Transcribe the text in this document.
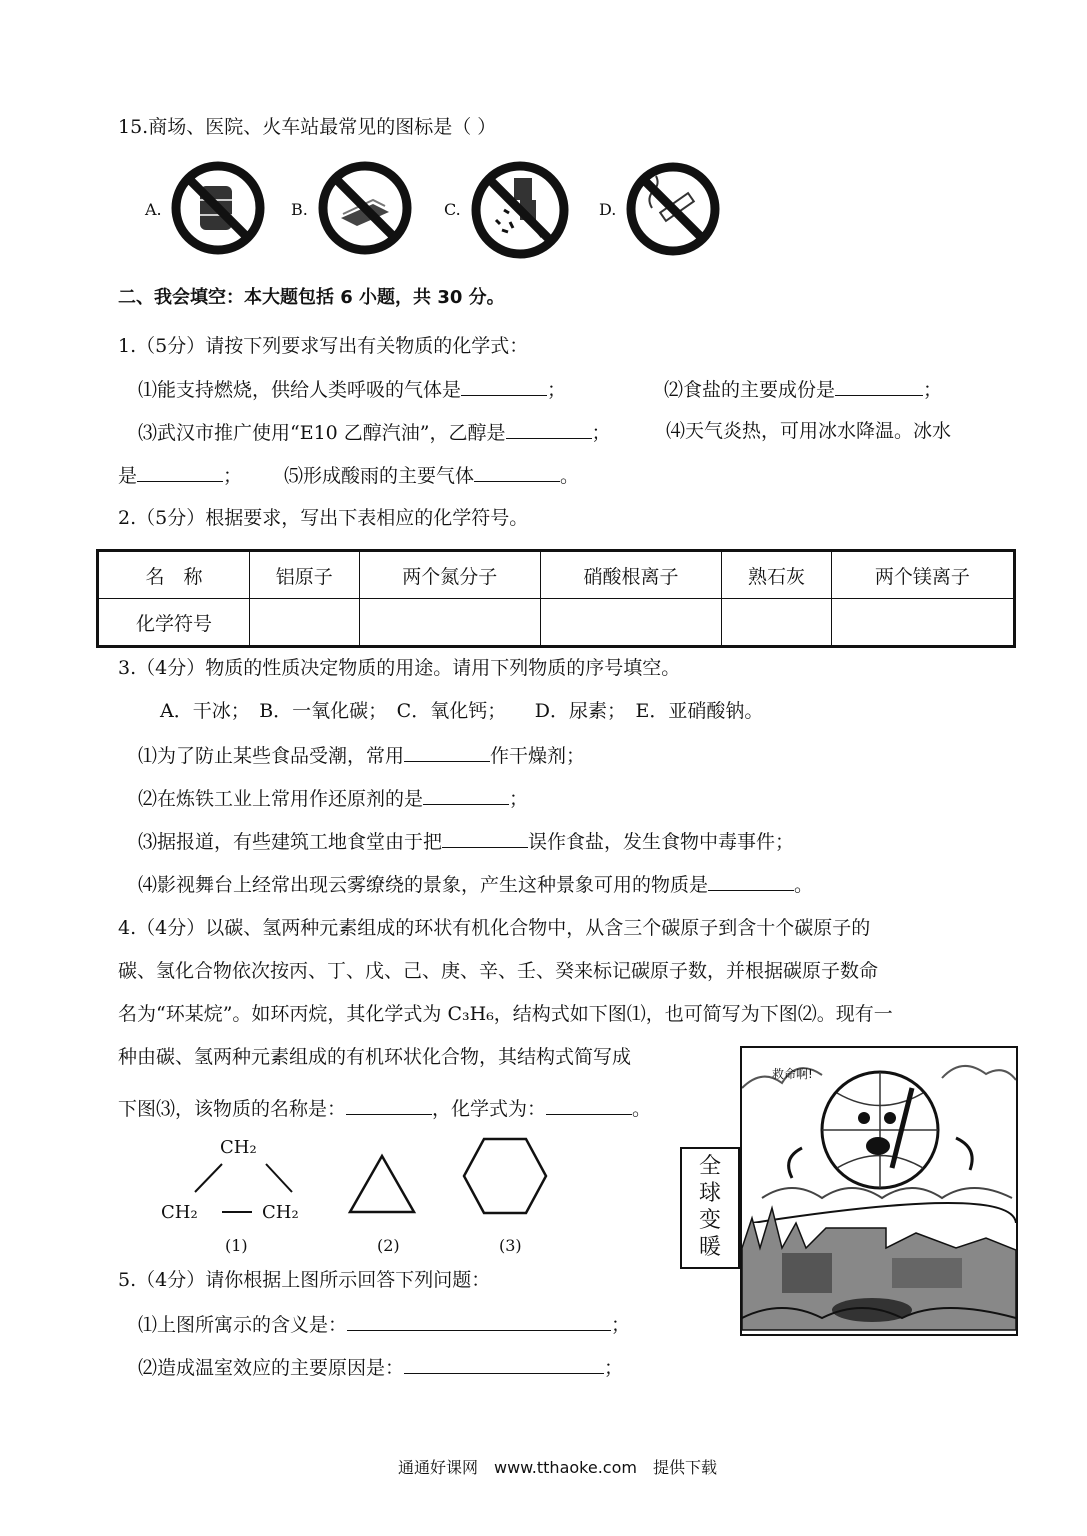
15.商场、医院、火车站最常见的图标是（ ）
A.	B.	C.	D.
二、我会填空：本大题包括 6 小题，共 30 分。
1.（5分）请按下列要求写出有关物质的化学式：
⑴能支持燃烧，供给人类呼吸的气体是	；	⑵食盐的主要成份是	；
⑶武汉市推广使用“E10 乙醇汽油”，乙醇是	；	⑷天气炎热，可用冰水降温。冰水
是	； ⑸形成酸雨的主要气体	。
2.（5分）根据要求，写出下表相应的化学符号。
名　称	铝原子	两个氮分子	硝酸根离子	熟石灰	两个镁离子
化学符号					
3.（4分）物质的性质决定物质的用途。请用下列物质的序号填空。
A．干冰；　B．一氧化碳；　C．氧化钙；　　D．尿素；　E．亚硝酸钠。
⑴为了防止某些食品受潮，常用	作干燥剂；
⑵在炼铁工业上常用作还原剂的是	；
⑶据报道，有些建筑工地食堂由于把	误作食盐，发生食物中毒事件；
⑷影视舞台上经常出现云雾缭绕的景象，产生这种景象可用的物质是	。
4.（4分）以碳、氢两种元素组成的环状有机化合物中，从含三个碳原子到含十个碳原子的
碳、氢化合物依次按丙、丁、戊、己、庚、辛、壬、癸来标记碳原子数，并根据碳原子数命
名为“环某烷”。如环丙烷，其化学式为 C₃H₆，结构式如下图⑴，也可简写为下图⑵。现有一
种由碳、氢两种元素组成的有机环状化合物，其结构式简写成
下图⑶，该物质的名称是：	，化学式为：	。
CH₂
CH₂	CH₂
(1)	(2)	(3)
救命啊!
全
球
变
暖
5.（4分）请你根据上图所示回答下列问题：
⑴上图所寓示的含义是：	；
⑵造成温室效应的主要原因是：	；
通通好课网　www.tthaoke.com　提供下载
